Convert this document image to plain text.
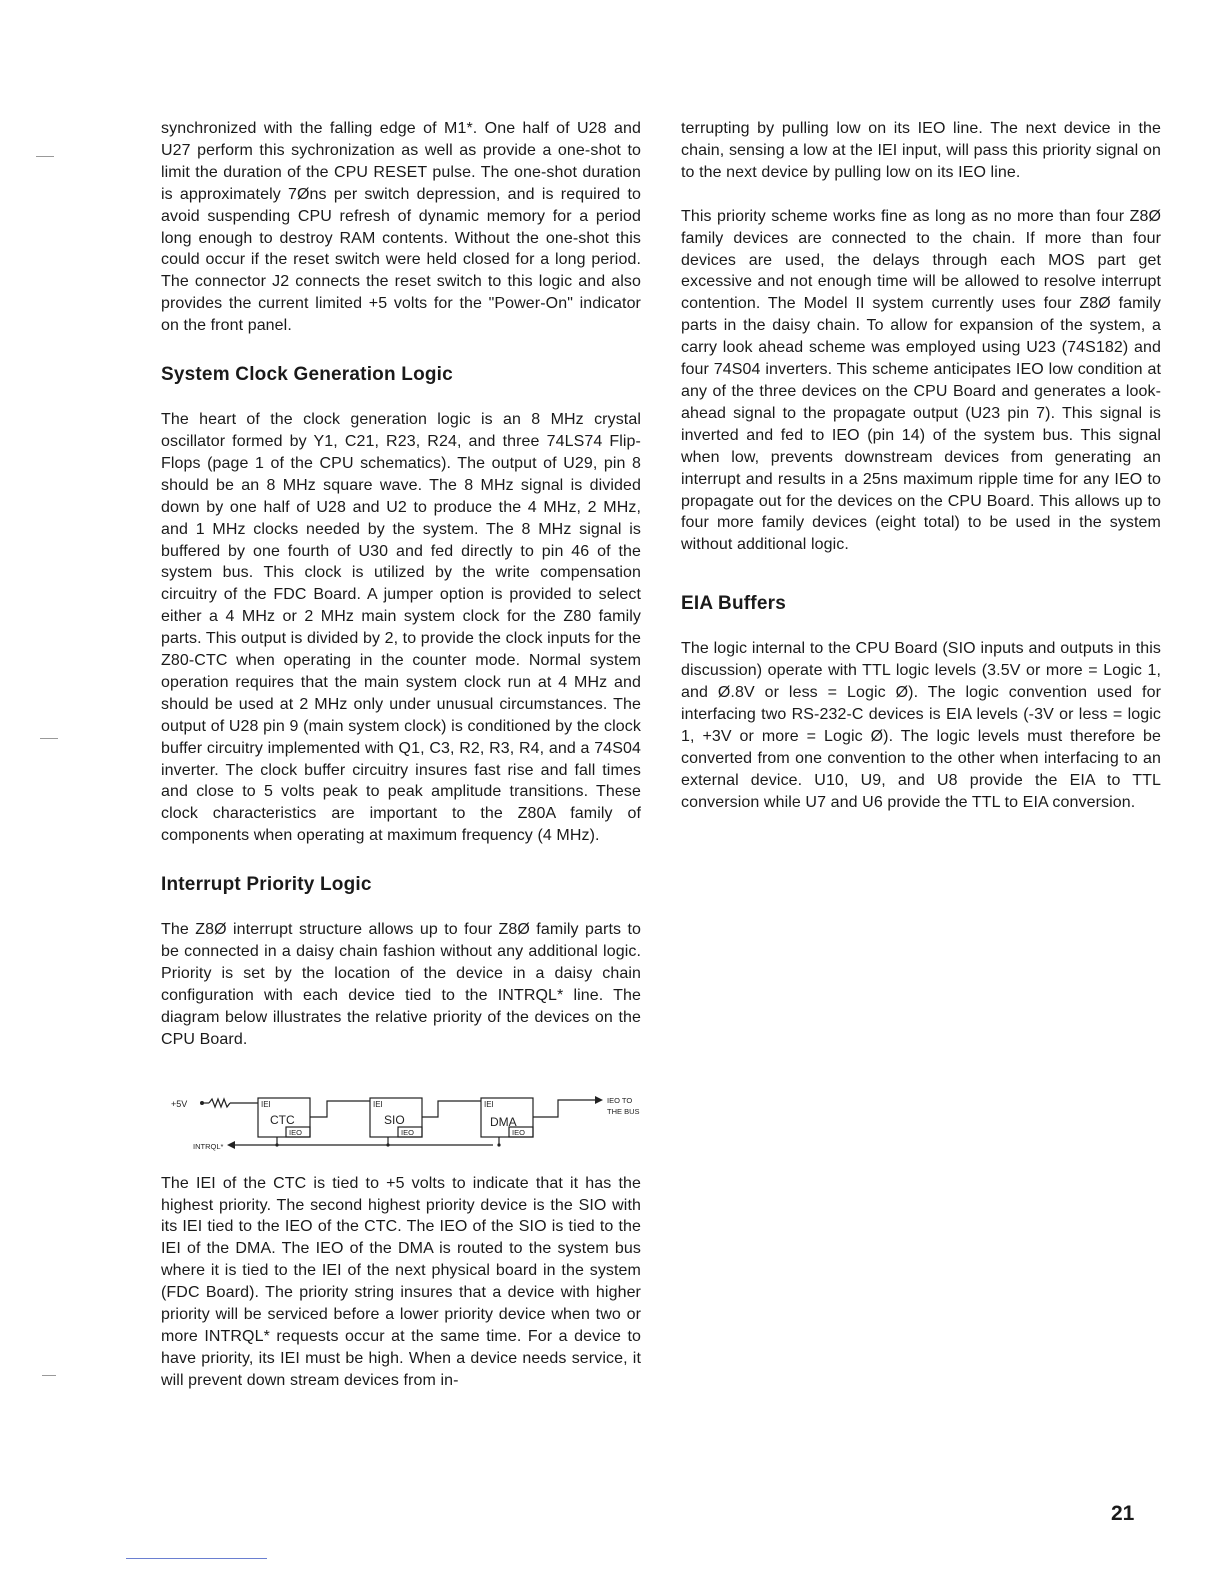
synchronized with the falling edge of M1*. One half of U28 and U27 perform this sychronization as well as provide a one-shot to limit the duration of the CPU RESET pulse. The one-shot duration is approximately 7Øns per switch depression, and is required to avoid suspending CPU refresh of dynamic memory for a period long enough to destroy RAM contents. Without the one-shot this could occur if the reset switch were held closed for a long period. The connector J2 connects the reset switch to this logic and also provides the current limited +5 volts for the "Power-On" indicator on the front panel.

System Clock Generation Logic

The heart of the clock generation logic is an 8 MHz crystal oscillator formed by Y1, C21, R23, R24, and three 74LS74 Flip-Flops (page 1 of the CPU schematics). The output of U29, pin 8 should be an 8 MHz square wave. The 8 MHz signal is divided down by one half of U28 and U2 to produce the 4 MHz, 2 MHz, and 1 MHz clocks needed by the system. The 8 MHz signal is buffered by one fourth of U30 and fed directly to pin 46 of the system bus. This clock is utilized by the write compensation circuitry of the FDC Board. A jumper option is provided to select either a 4 MHz or 2 MHz main system clock for the Z80 family parts. This output is divided by 2, to provide the clock inputs for the Z80-CTC when operating in the counter mode. Normal system operation requires that the main system clock run at 4 MHz and should be used at 2 MHz only under unusual circumstances. The output of U28 pin 9 (main system clock) is conditioned by the clock buffer circuitry implemented with Q1, C3, R2, R3, R4, and a 74S04 inverter. The clock buffer circuitry insures fast rise and fall times and close to 5 volts peak to peak amplitude transitions. These clock characteristics are important to the Z80A family of components when operating at maximum frequency (4 MHz).

Interrupt Priority Logic

The Z8Ø interrupt structure allows up to four Z8Ø family parts to be connected in a daisy chain fashion without any additional logic. Priority is set by the location of the device in a daisy chain configuration with each device tied to the INTRQL* line. The diagram below illustrates the relative priority of the devices on the CPU Board.

+5V
INTRQL*
IEI
CTC
IEO
IEI
SIO
IEO
IEI
DMA
IEO
IEO TO
THE BUS

The IEI of the CTC is tied to +5 volts to indicate that it has the highest priority. The second highest priority device is the SIO with its IEI tied to the IEO of the CTC. The IEO of the SIO is tied to the IEI of the DMA. The IEO of the DMA is routed to the system bus where it is tied to the IEI of the next physical board in the system (FDC Board). The priority string insures that a device with higher priority will be serviced before a lower priority device when two or more INTRQL* requests occur at the same time. For a device to have priority, its IEI must be high. When a device needs service, it will prevent down stream devices from in-

terrupting by pulling low on its IEO line. The next device in the chain, sensing a low at the IEI input, will pass this priority signal on to the next device by pulling low on its IEO line.

This priority scheme works fine as long as no more than four Z8Ø family devices are connected to the chain. If more than four devices are used, the delays through each MOS part get excessive and not enough time will be allowed to resolve interrupt contention. The Model II system currently uses four Z8Ø family parts in the daisy chain. To allow for expansion of the system, a carry look ahead scheme was employed using U23 (74S182) and four 74S04 inverters. This scheme anticipates IEO low condition at any of the three devices on the CPU Board and generates a look-ahead signal to the propagate output (U23 pin 7). This signal is inverted and fed to IEO (pin 14) of the system bus. This signal when low, prevents downstream devices from generating an interrupt and results in a 25ns maximum ripple time for any IEO to propagate out for the devices on the CPU Board. This allows up to four more family devices (eight total) to be used in the system without additional logic.

EIA Buffers

The logic internal to the CPU Board (SIO inputs and outputs in this discussion) operate with TTL logic levels (3.5V or more = Logic 1, and Ø.8V or less = Logic Ø). The logic convention used for interfacing two RS-232-C devices is EIA levels (-3V or less = logic 1, +3V or more = Logic Ø). The logic levels must therefore be converted from one convention to the other when interfacing to an external device. U10, U9, and U8 provide the EIA to TTL conversion while U7 and U6 provide the TTL to EIA conversion.

21
